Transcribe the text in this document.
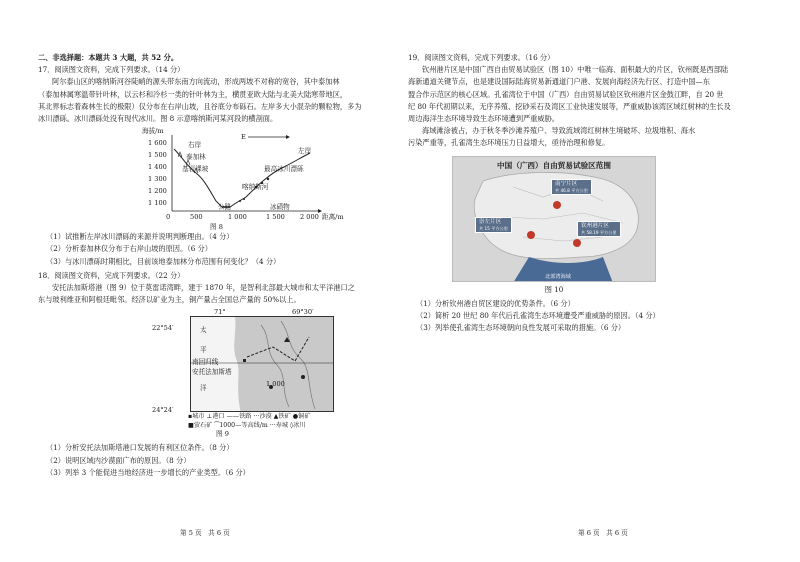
二、非选择题：本题共 3 大题，共 52 分。
17．阅读图文资料，完成下列要求。（14 分）
阿尔泰山区的喀纳斯河谷陡峭的源头带东南方向流动，形成两坡不对称的宽谷，其中泰加林
（泰加林属寒温带针叶林，以云杉和冷杉一类的针叶林为主，横贯亚欧大陆与北美大陆寒带地区，
其北界标志着森林生长的极限）仅分布在右岸山坡，且谷底分布砾石。左岸多大小混杂的颗粒物，多为
冰川漂砾。冰川漂砾处没有现代冰川。图 8 示意喀纳斯河某河段的横剖面。
海拔/m
1 600
1 500
1 400
1 300
1 200
1 100
E
右岸
左岸
泰加林
基岩裸坡	最高冰川漂砾
喀纳斯河
公路	冰碛物
0	500	1 000	1 500 2 000 距离/m
图 8
（1）试推断左岸冰川漂砾的来源并说明判断理由。（4 分）
（2）分析泰加林仅分布于右岸山坡的原因。（6 分）
（3）与冰川漂砾时期相比，目前该地泰加林分布范围有何变化？（4 分）
18．阅读图文资料，完成下列要求。（22 分）
安托法加斯塔港（图 9）位于莫雷诺湾畔，建于 1870 年，是智利北部最大城市和太平洋港口之
东与玻利维亚和阿根廷毗邻。经济以矿业为主，铜产量占全国总产量的 50%以上。
71°	69°30′
22°54′
24°24′
太
平
洋
南回归线
安托法加斯塔
1 000
▪城市 ⊥港口 ——铁路 ···沙漠 ▲铁矿 ●铜矿
■萤石矿 ⁀1000—等高线/m ···寿城 ◊冰川
图 9
（1）分析安托法加斯塔港口发展的有利区位条件。（8 分）
（2）说明区域内沙漠面广布的原因。（8 分）
（3）列举 3 个能促进当地经济进一步增长的产业类型。（6 分）
第 5 页　共 6 页
19．阅读图文资料，完成下列要求。（16 分）
钦州港片区是中国广西自由贸易试验区（图 10）中唯一临海、面积最大的片区，钦州既是西部陆
海新通道关键节点，也是建设国际陆海贸易新通道门户港、发展向海经济先行区、打造中国—东
盟合作示范区的核心区域。孔雀湾位于中国（广西）自由贸易试验区钦州港片区金鼓江畔，自 20 世
纪 80 年代初期以来，无序养殖、挖砂采石及湾区工业快速发展等，严重威胁该湾区域红树林的生长及
周边海洋生态环境导致生态环境遭到严重威胁。
海域滩涂被占，办于秋冬季沙滩养殖户、导致流域湾红树林生境破坏、垃圾堆积、海水
污染严重等，孔雀湾生态环境压力日益增大，亟待治理和修复。
中国（广西）自由贸易试验区范围
南宁片区
共 46.8 平方公里
崇左片区
共 15 平方公里	钦州港片区
共 58.19 平方公里
北部湾海域
图 10
（1）分析钦州港自贸区建设的优势条件。（6 分）
（2）简析 20 世纪 80 年代后孔雀湾生态环境遭受严重威胁的原因。（4 分）
（3）列举使孔雀湾生态环境朝向良性发展可采取的措施。（6 分）
第 6 页　共 6 页
